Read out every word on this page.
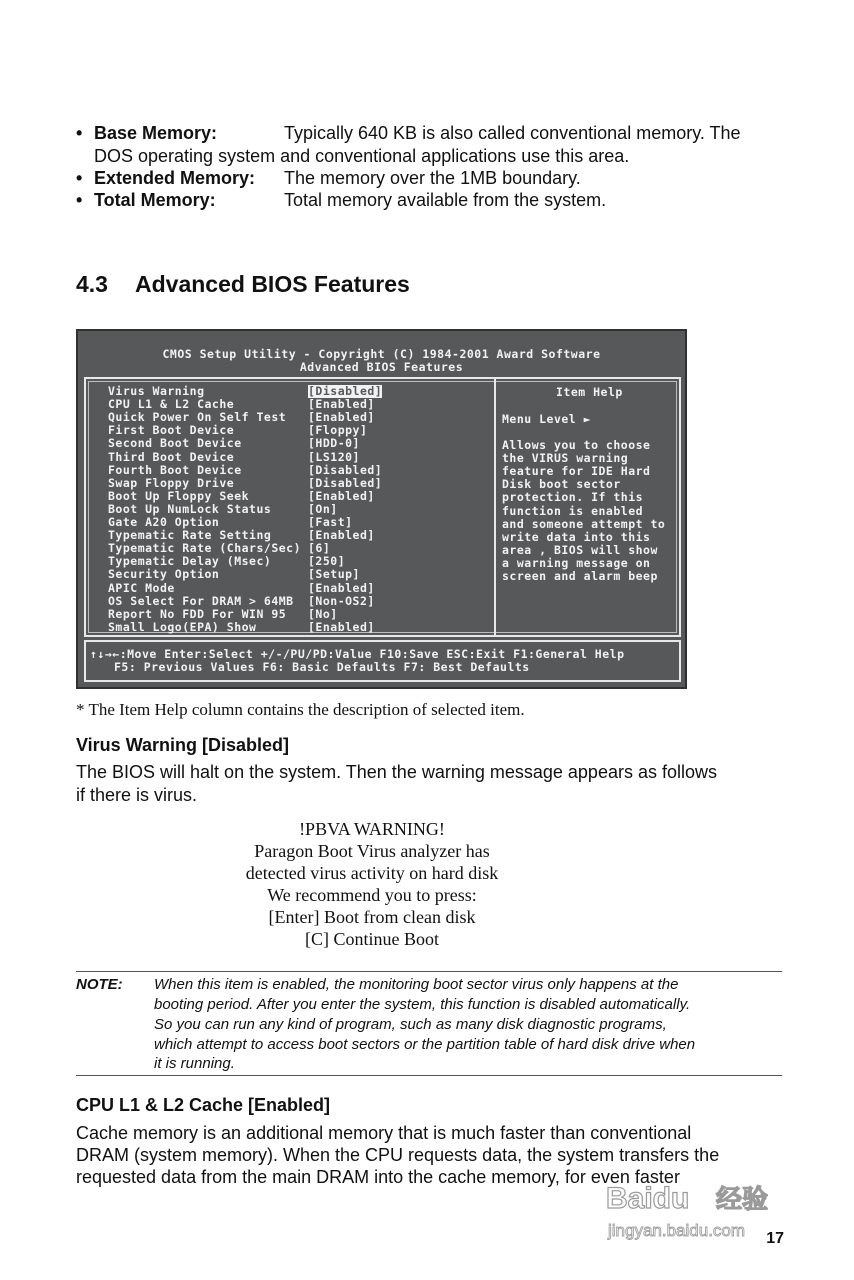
• Base Memory:	Typically 640 KB is also called conventional memory. The
DOS operating system and conventional applications use this area.
• Extended Memory: The memory over the 1MB boundary.
• Total Memory:	Total memory available from the system.
4.3 Advanced BIOS Features
CMOS Setup Utility - Copyright (C) 1984-2001 Award Software
Advanced BIOS Features
Virus Warning	[Disabled]
CPU L1 & L2 Cache	[Enabled]
Quick Power On Self Test [Enabled]
First Boot Device	[Floppy]
Second Boot Device	[HDD-0]
Third Boot Device	[LS120]
Fourth Boot Device	[Disabled]
Swap Floppy Drive	[Disabled]
Boot Up Floppy Seek	[Enabled]
Boot Up NumLock Status	[On]
Gate A20 Option	[Fast]
Typematic Rate Setting	[Enabled]
Typematic Rate (Chars/Sec) [6]
Typematic Delay (Msec)	[250]
Security Option	[Setup]
APIC Mode	[Enabled]
OS Select For DRAM > 64MB [Non-OS2]
Report No FDD For WIN 95 [No]
Small Logo(EPA) Show	[Enabled]
Item Help
Menu Level ►
Allows you to choose
the VIRUS warning
feature for IDE Hard
Disk boot sector
protection. If this
function is enabled
and someone attempt to
write data into this
area , BIOS will show
a warning message on
screen and alarm beep
↑↓→←:Move Enter:Select +/-/PU/PD:Value F10:Save ESC:Exit F1:General Help
F5: Previous Values F6: Basic Defaults F7: Best Defaults
* The Item Help column contains the description of selected item.
Virus Warning [Disabled]
The BIOS will halt on the system. Then the warning message appears as follows
if there is virus.
!PBVA WARNING!
Paragon Boot Virus analyzer has
detected virus activity on hard disk
We recommend you to press:
[Enter] Boot from clean disk
[C] Continue Boot
NOTE: When this item is enabled, the monitoring boot sector virus only happens at the
booting period. After you enter the system, this function is disabled automatically.
So you can run any kind of program, such as many disk diagnostic programs,
which attempt to access boot sectors or the partition table of hard disk drive when
it is running.
CPU L1 & L2 Cache [Enabled]
Cache memory is an additional memory that is much faster than conventional
DRAM (system memory). When the CPU requests data, the system transfers the
requested data from the main DRAM into the cache memory, for even faster
Baidu 经验
jingyan.baidu.com 17
